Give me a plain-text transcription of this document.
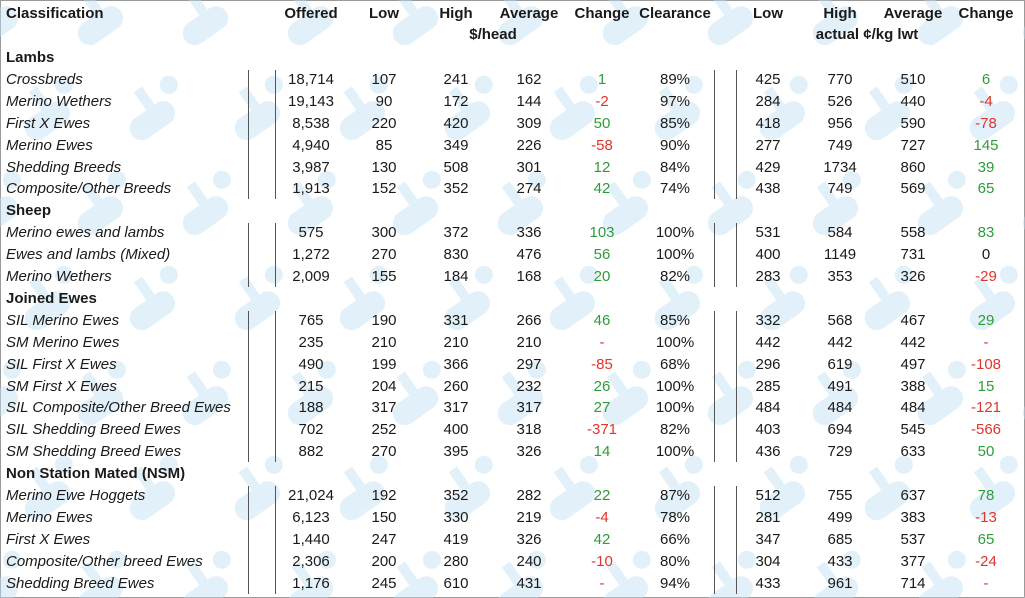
Classification	Offered Low	High Average Change Clearance	Low	High Average Change
$/head	actual ¢/kg lwt
Lambs
Crossbreds	18,714	107	241	162	1	89%	425	770	510	6
Merino Wethers	19,143	90	172	144	-2	97%	284	526	440	-4
First X Ewes	8,538	220	420	309	50	85%	418	956	590	-78
Merino Ewes	4,940	85	349	226	-58	90%	277	749	727	145
Shedding Breeds	3,987	130	508	301	12	84%	429	1734	860	39
Composite/Other Breeds	1,913	152	352	274	42	74%	438	749	569	65
Sheep
Merino ewes and lambs	575	300	372	336	103	100%	531	584	558	83
Ewes and lambs (Mixed)	1,272	270	830	476	56	100%	400	1149	731	0
Merino Wethers	2,009	155	184	168	20	82%	283	353	326	-29
Joined Ewes
SIL Merino Ewes	765	190	331	266	46	85%	332	568	467	29
SM Merino Ewes	235	210	210	210	-	100%	442	442	442	-
SIL First X Ewes	490	199	366	297	-85	68%	296	619	497	-108
SM First X Ewes	215	204	260	232	26	100%	285	491	388	15
SIL Composite/Other Breed Ewes	188	317	317	317	27	100%	484	484	484	-121
SIL Shedding Breed Ewes	702	252	400	318	-371	82%	403	694	545	-566
SM Shedding Breed Ewes	882	270	395	326	14	100%	436	729	633	50
Non Station Mated (NSM)
Merino Ewe Hoggets	21,024	192	352	282	22	87%	512	755	637	78
Merino Ewes	6,123	150	330	219	-4	78%	281	499	383	-13
First X Ewes	1,440	247	419	326	42	66%	347	685	537	65
Composite/Other breed Ewes	2,306	200	280	240	-10	80%	304	433	377	-24
Shedding Breed Ewes	1,176	245	610	431	-	94%	433	961	714	-
